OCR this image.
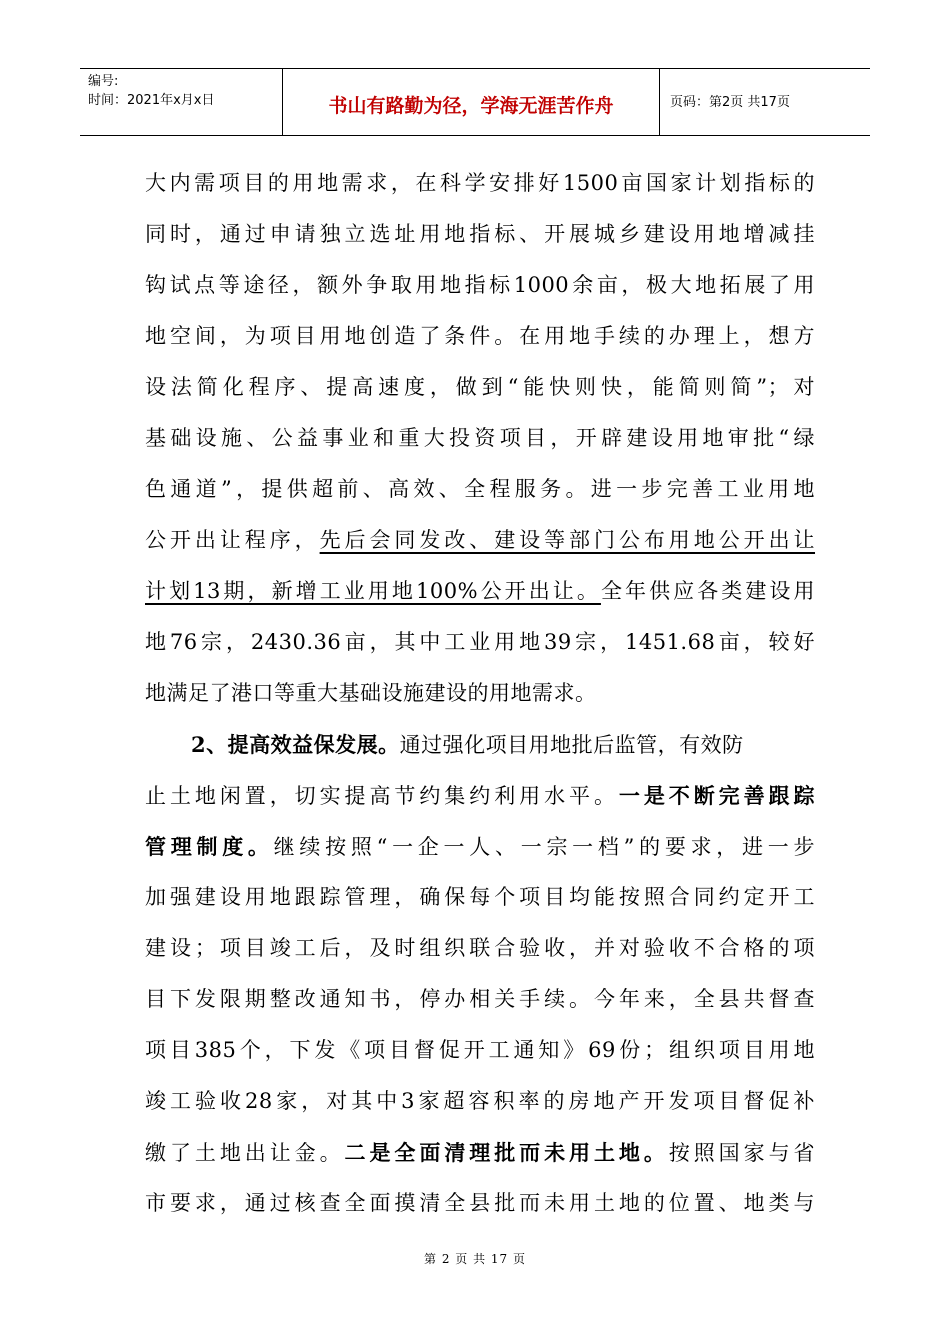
编号:
时间：2021年x月x日	书山有路勤为径，学海无涯苦作舟	页码：第2页 共17页
大内需项目的用地需求，在科学安排好1500亩国家计划指标的
同时，通过申请独立选址用地指标、开展城乡建设用地增减挂
钩试点等途径，额外争取用地指标1000余亩，极大地拓展了用
地空间，为项目用地创造了条件。在用地手续的办理上，想方
设法简化程序、提高速度，做到“能快则快，能简则简”；对
基础设施、公益事业和重大投资项目，开辟建设用地审批“绿
色通道”，提供超前、高效、全程服务。进一步完善工业用地
公开出让程序，先后会同发改、建设等部门公布用地公开出让
计划13期，新增工业用地100%公开出让。全年供应各类建设用
地76宗，2430.36亩，其中工业用地39宗，1451.68亩，较好
地满足了港口等重大基础设施建设的用地需求。
2、提高效益保发展。通过强化项目用地批后监管，有效防
止土地闲置，切实提高节约集约利用水平。一是不断完善跟踪
管理制度。继续按照“一企一人、一宗一档”的要求，进一步
加强建设用地跟踪管理，确保每个项目均能按照合同约定开工
建设；项目竣工后，及时组织联合验收，并对验收不合格的项
目下发限期整改通知书，停办相关手续。今年来，全县共督查
项目385个，下发《项目督促开工通知》69份；组织项目用地
竣工验收28家，对其中3家超容积率的房地产开发项目督促补
缴了土地出让金。二是全面清理批而未用土地。按照国家与省
市要求，通过核查全面摸清全县批而未用土地的位置、地类与
第 2 页 共 17 页
